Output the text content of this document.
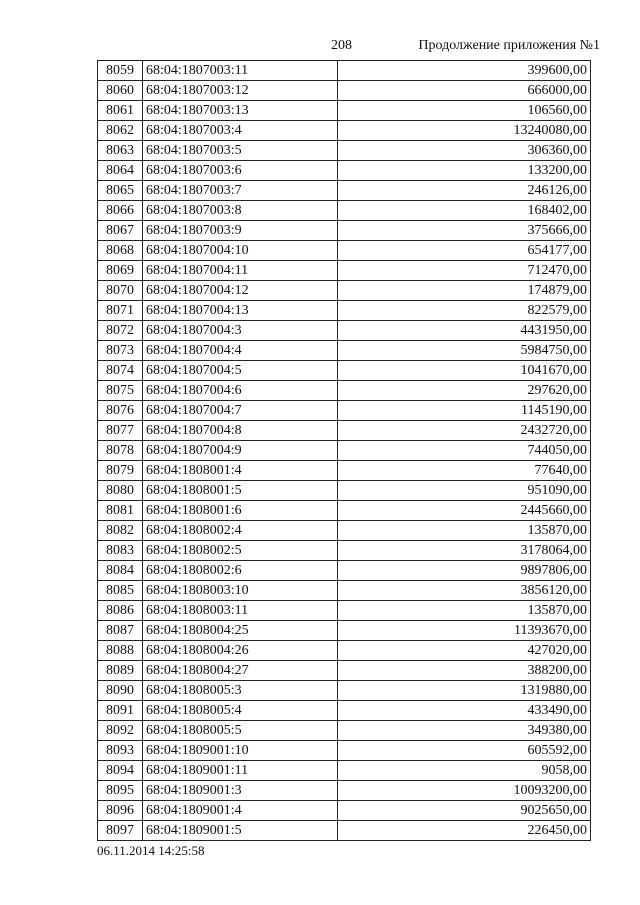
208	Продолжение приложения №1
8059	68:04:1807003:11	399600,00
8060	68:04:1807003:12	666000,00
8061	68:04:1807003:13	106560,00
8062	68:04:1807003:4	13240080,00
8063	68:04:1807003:5	306360,00
8064	68:04:1807003:6	133200,00
8065	68:04:1807003:7	246126,00
8066	68:04:1807003:8	168402,00
8067	68:04:1807003:9	375666,00
8068	68:04:1807004:10	654177,00
8069	68:04:1807004:11	712470,00
8070	68:04:1807004:12	174879,00
8071	68:04:1807004:13	822579,00
8072	68:04:1807004:3	4431950,00
8073	68:04:1807004:4	5984750,00
8074	68:04:1807004:5	1041670,00
8075	68:04:1807004:6	297620,00
8076	68:04:1807004:7	1145190,00
8077	68:04:1807004:8	2432720,00
8078	68:04:1807004:9	744050,00
8079	68:04:1808001:4	77640,00
8080	68:04:1808001:5	951090,00
8081	68:04:1808001:6	2445660,00
8082	68:04:1808002:4	135870,00
8083	68:04:1808002:5	3178064,00
8084	68:04:1808002:6	9897806,00
8085	68:04:1808003:10	3856120,00
8086	68:04:1808003:11	135870,00
8087	68:04:1808004:25	11393670,00
8088	68:04:1808004:26	427020,00
8089	68:04:1808004:27	388200,00
8090	68:04:1808005:3	1319880,00
8091	68:04:1808005:4	433490,00
8092	68:04:1808005:5	349380,00
8093	68:04:1809001:10	605592,00
8094	68:04:1809001:11	9058,00
8095	68:04:1809001:3	10093200,00
8096	68:04:1809001:4	9025650,00
8097	68:04:1809001:5	226450,00
06.11.2014 14:25:58
